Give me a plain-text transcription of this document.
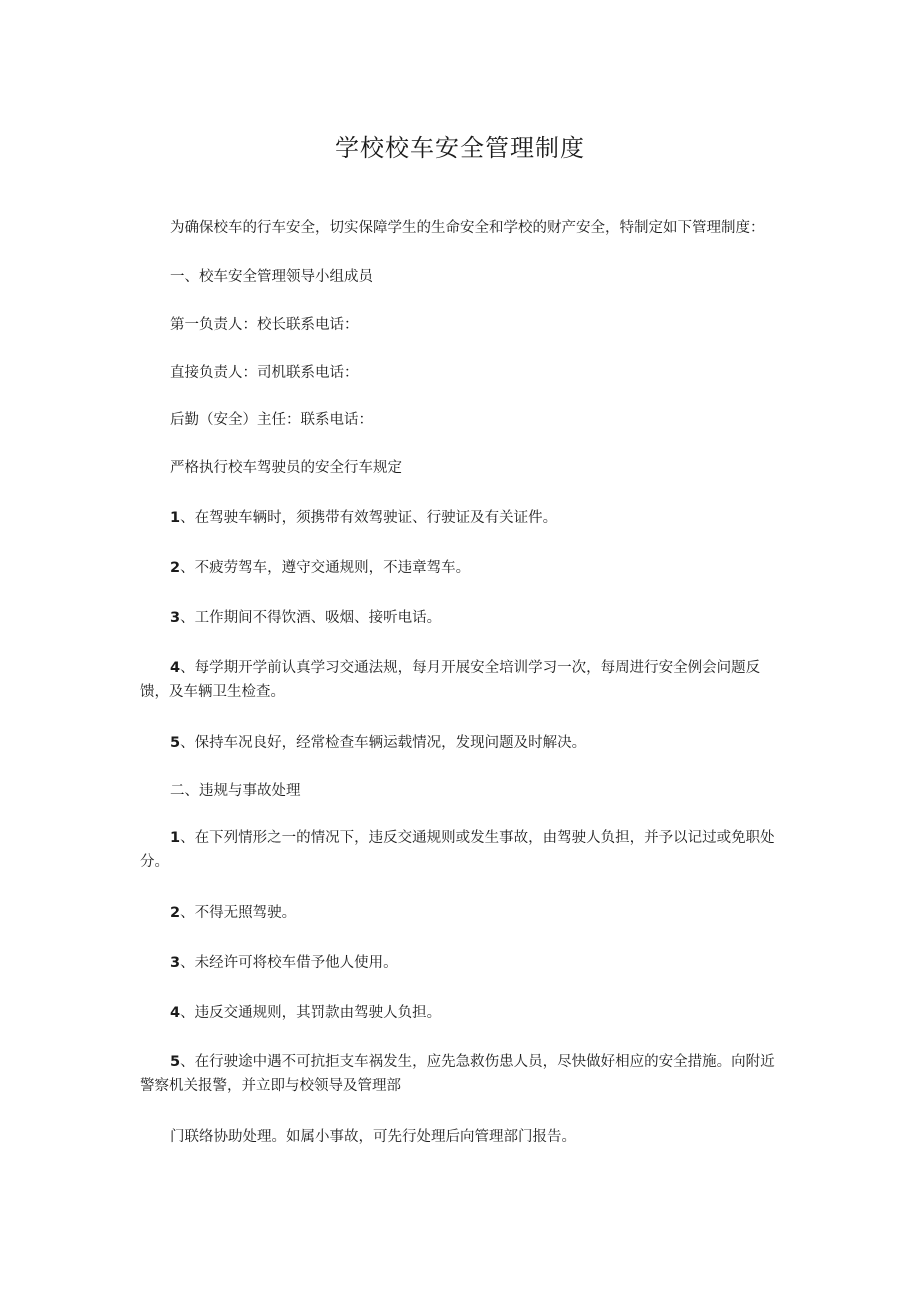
学校校车安全管理制度

为确保校车的行车安全，切实保障学生的生命安全和学校的财产安全，特制定如下管理制度：

一、校车安全管理领导小组成员

第一负责人：校长联系电话：

直接负责人：司机联系电话：

后勤（安全）主任：联系电话：

严格执行校车驾驶员的安全行车规定

1、在驾驶车辆时，须携带有效驾驶证、行驶证及有关证件。

2、不疲劳驾车，遵守交通规则，不违章驾车。

3、工作期间不得饮酒、吸烟、接听电话。

4、每学期开学前认真学习交通法规，每月开展安全培训学习一次，每周进行安全例会问题反馈，及车辆卫生检查。

5、保持车况良好，经常检查车辆运载情况，发现问题及时解决。

二、违规与事故处理

1、在下列情形之一的情况下，违反交通规则或发生事故，由驾驶人负担，并予以记过或免职处分。

2、不得无照驾驶。

3、未经许可将校车借予他人使用。

4、违反交通规则，其罚款由驾驶人负担。

5、在行驶途中遇不可抗拒支车祸发生，应先急救伤患人员，尽快做好相应的安全措施。向附近警察机关报警，并立即与校领导及管理部

门联络协助处理。如属小事故，可先行处理后向管理部门报告。
